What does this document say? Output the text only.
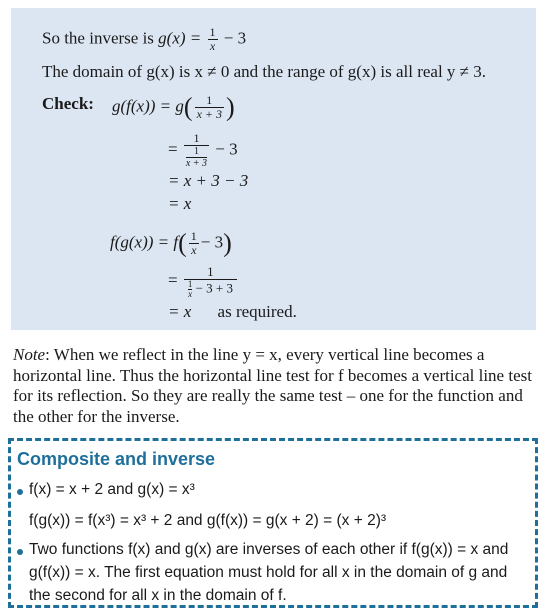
So the inverse is $g(x) = \frac{1}{x} - 3$
The domain of g(x) is x ≠ 0 and the range of g(x) is all real y ≠ 3.
Check: $g(f(x)) = g( \frac{1}{x + 3}$ )
= 1
1
x + 3 − 3
= x + 3 − 3
= x
$f(g(x)) = f( \frac{1}{x} - 3)$
= $\frac{1}{\frac{1}{x} - 3 + 3}$
= x as required.
Note: When we reflect in the line y = x, every vertical line becomes a horizontal line. Thus the horizontal line test for f becomes a vertical line test for its reflection. So they are really the same test – one for the function and the other for the inverse.
Composite and inverse
f(x) = x + 2 and g(x) = x³
f(g(x)) = f(x³) = x³ + 2 and g(f(x)) = g(x + 2) = (x + 2)³
Two functions f(x) and g(x) are inverses of each other if f(g(x)) = x and
g(f(x)) = x. The first equation must hold for all x in the domain of g and
the second for all x in the domain of f.
